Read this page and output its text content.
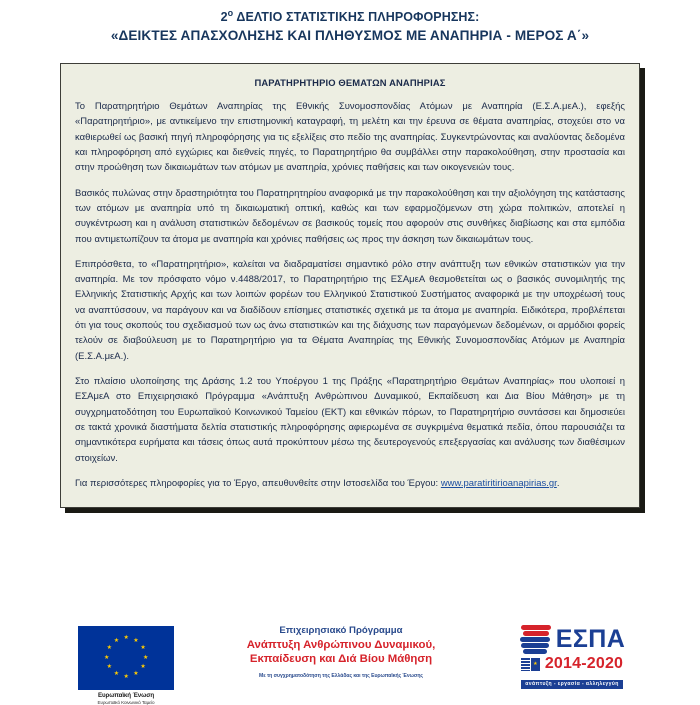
$2^o$ ΔΕΛΤΙΟ ΣΤΑΤΙΣΤΙΚΗΣ ΠΛΗΡΟΦΟΡΗΣΗΣ:
«ΔΕΙΚΤΕΣ ΑΠΑΣΧΟΛΗΣΗΣ ΚΑΙ ΠΛΗΘΥΣΜΟΣ ΜΕ ΑΝΑΠΗΡΙΑ - ΜΕΡΟΣ Α΄»
ΠΑΡΑΤΗΡΗΤΗΡΙΟ ΘΕΜΑΤΩΝ ΑΝΑΠΗΡΙΑΣ

Το Παρατηρητήριο Θεμάτων Αναπηρίας της Εθνικής Συνομοσπονδίας Ατόμων με Αναπηρία (Ε.Σ.Α.μεΑ.), εφεξής «Παρατηρητήριο», με αντικείμενο την επιστημονική καταγραφή, τη μελέτη και την έρευνα σε θέματα αναπηρίας, στοχεύει στο να καθιερωθεί ως βασική πηγή πληροφόρησης για τις εξελίξεις στο πεδίο της αναπηρίας. Συγκεντρώνοντας και αναλύοντας δεδομένα και πληροφόρηση από εγχώριες και διεθνείς πηγές, το Παρατηρητήριο θα συμβάλλει στην παρακολούθηση, στην προστασία και στην προώθηση των δικαιωμάτων των ατόμων με αναπηρία, χρόνιες παθήσεις και των οικογενειών τους.

Βασικός πυλώνας στην δραστηριότητα του Παρατηρητηρίου αναφορικά με την παρακολούθηση και την αξιολόγηση της κατάστασης των ατόμων με αναπηρία υπό τη δικαιωματική οπτική, καθώς και των εφαρμοζόμενων στη χώρα πολιτικών, αποτελεί η συγκέντρωση και η ανάλυση στατιστικών δεδομένων σε βασικούς τομείς που αφορούν στις συνθήκες διαβίωσης και στα εμπόδια που αντιμετωπίζουν τα άτομα με αναπηρία και χρόνιες παθήσεις ως προς την άσκηση των δικαιωμάτων τους.

Επιπρόσθετα, το «Παρατηρητήριο», καλείται να διαδραματίσει σημαντικό ρόλο στην ανάπτυξη των εθνικών στατιστικών για την αναπηρία. Με τον πρόσφατο νόμο ν.4488/2017, το Παρατηρητήριο της ΕΣΑμεΑ θεσμοθετείται ως ο βασικός συνομιλητής της Ελληνικής Στατιστικής Αρχής και των λοιπών φορέων του Ελληνικού Στατιστικού Συστήματος αναφορικά με την υποχρέωσή τους να αναπτύσσουν, να παράγουν και να διαδίδουν επίσημες στατιστικές σχετικά με τα άτομα με αναπηρία. Ειδικότερα, προβλέπεται ότι για τους σκοπούς του σχεδιασμού των ως άνω στατιστικών και της διάχυσης των παραγόμενων δεδομένων, οι αρμόδιοι φορείς τελούν σε διαβούλευση με το Παρατηρητήριο για τα Θέματα Αναπηρίας της Εθνικής Συνομοσπονδίας Ατόμων με Αναπηρία (Ε.Σ.Α.μεΑ.).

Στο πλαίσιο υλοποίησης της Δράσης 1.2 του Υποέργου 1 της Πράξης «Παρατηρητήριο Θεμάτων Αναπηρίας» που υλοποιεί η ΕΣΑμεΑ στο Επιχειρησιακό Πρόγραμμα «Ανάπτυξη Ανθρώπινου Δυναμικού, Εκπαίδευση και Δια Βίου Μάθηση» με τη συγχρηματοδότηση του Ευρωπαϊκού Κοινωνικού Ταμείου (ΕΚΤ) και εθνικών πόρων, το Παρατηρητήριο συντάσσει και δημοσιεύει σε τακτά χρονικά διαστήματα δελτία στατιστικής πληροφόρησης αφιερωμένα σε συγκριμένα θεματικά πεδία, όπου παρουσιάζει τα σημαντικότερα ευρήματα και τάσεις όπως αυτά προκύπτουν μέσω της δευτερογενούς επεξεργασίας και ανάλυσης των διαθέσιμων στοιχείων.

Για περισσότερες πληροφορίες για το Έργο, απευθυνθείτε στην Ιστοσελίδα του Έργου: www.paratiritirioanapirias.gr.

★
★
★
★
★
★
★
★
★
★
★
★
Ευρωπαϊκή Ένωση
Ευρωπαϊκό Κοινωνικό Ταμείο
Επιχειρησιακό Πρόγραμμα
Ανάπτυξη Ανθρώπινου Δυναμικού,
Εκπαίδευση και Διά Βίου Μάθηση
Με τη συγχρηματοδότηση της Ελλάδας και της Ευρωπαϊκής Ένωσης
ΕΣΠΑ
★ 2014-2020
ανάπτυξη - εργασία - αλληλεγγύη
